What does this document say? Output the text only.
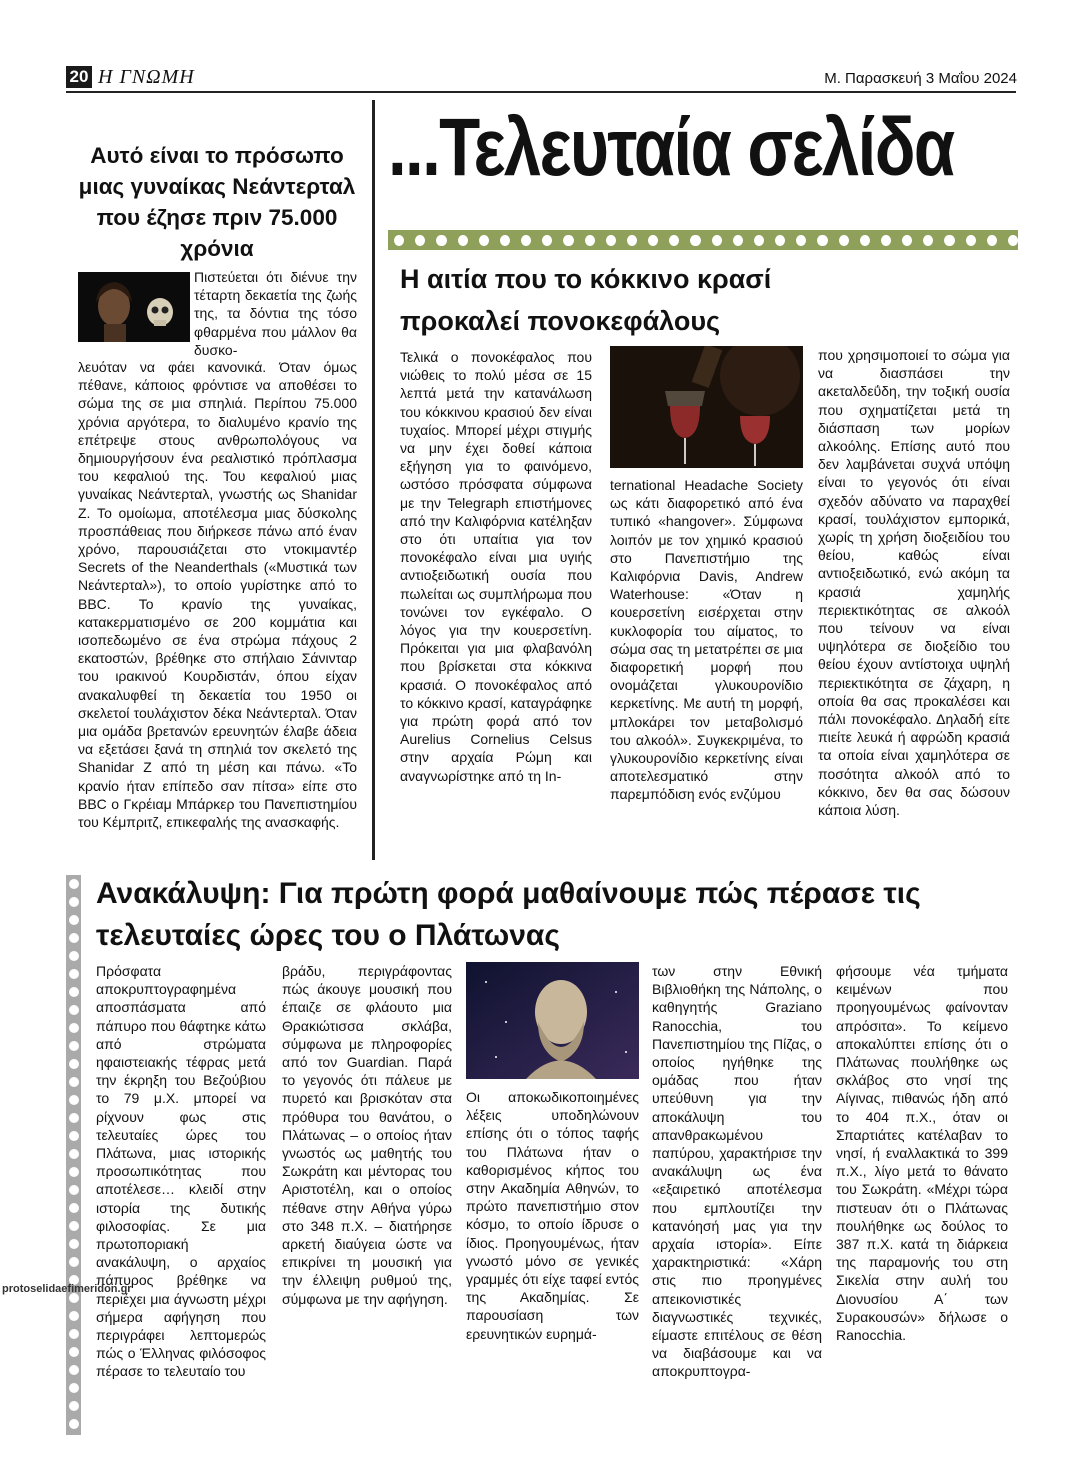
20 Η ΓΝΩΜΗ	Μ. Παρασκευή 3 Μαΐου 2024
Αυτό είναι το πρόσωπο μιας γυναίκας Νεάντερταλ που έζησε πριν 75.000 χρόνια
Πιστεύεται ότι διένυε την τέταρτη δεκαετία της ζωής της, τα δόντια της τόσο φθαρμένα που μάλλον θα δυσκο-
λευόταν να φάει κανονικά. Όταν όμως πέθανε, κάποιος φρόντισε να αποθέσει το σώμα της σε μια σπηλιά. Περίπου 75.000 χρόνια αργότερα, το διαλυμένο κρανίο της επέτρεψε στους ανθρωπολόγους να δημιουργήσουν ένα ρεαλιστικό πρόπλασμα του κεφαλιού της. Του κεφαλιού μιας γυναίκας Νεάντερταλ, γνωστής ως Shanidar Z. Το ομοίωμα, αποτέλεσμα μιας δύσκολης προσπάθειας που διήρκεσε πάνω από έναν χρόνο, παρουσιάζεται στο ντοκιμαντέρ Secrets of the Neanderthals («Μυστικά των Νεάντερταλ»), το οποίο γυρίστηκε από το BBC. Το κρανίο της γυναίκας, κατακερματισμένο σε 200 κομμάτια και ισοπεδωμένο σε ένα στρώμα πάχους 2 εκατοστών, βρέθηκε στο σπήλαιο Σάνινταρ του ιρακινού Κουρδιστάν, όπου είχαν ανακαλυφθεί τη δεκαετία του 1950 οι σκελετοί τουλάχιστον δέκα Νεάντερταλ. Όταν μια ομάδα βρετανών ερευνητών έλαβε άδεια να εξετάσει ξανά τη σπηλιά τον σκελετό της Shanidar Z από τη μέση και πάνω. «Το κρανίο ήταν επίπεδο σαν πίτσα» είπε στο BBC ο Γκρέιαμ Μπάρκερ του Πανεπιστημίου του Κέμπριτζ, επικεφαλής της ανασκαφής.
...Τελευταία σελίδα
Η αιτία που το κόκκινο κρασί προκαλεί πονοκεφάλους
Τελικά ο πονοκέφαλος που νιώθεις το πολύ μέσα σε 15 λεπτά μετά την κατανάλωση του κόκκινου κρασιού δεν είναι τυχαίος. Μπορεί μέχρι στιγμής να μην έχει δοθεί κάποια εξήγηση για το φαινόμενο, ωστόσο πρόσφατα σύμφωνα με την Telegraph επιστήμονες από την Καλιφόρνια κατέληξαν στο ότι υπαίτια για τον πονοκέφαλο είναι μια υγιής αντιοξειδωτική ουσία που πωλείται ως συμπλήρωμα που τονώνει τον εγκέφαλο. Ο λόγος για την κουερσετίνη. Πρόκειται για μια φλαβανόλη που βρίσκεται στα κόκκινα κρασιά. Ο πονοκέφαλος από το κόκκινο κρασί, καταγράφηκε για πρώτη φορά από τον Aurelius Cornelius Celsus στην αρχαία Ρώμη και αναγνωρίστηκε από τη In-
ternational Headache Society ως κάτι διαφορετικό από ένα τυπικό «hangover». Σύμφωνα λοιπόν με τον χημικό κρασιού στο Πανεπιστήμιο της Καλιφόρνια Davis, Andrew Waterhouse: «Όταν η κουερσετίνη εισέρχεται στην κυκλοφορία του αίματος, το σώμα σας τη μετατρέπει σε μια διαφορετική μορφή που ονομάζεται γλυκουρονίδιο κερκετίνης. Με αυτή τη μορφή, μπλοκάρει τον μεταβολισμό του αλκοόλ». Συγκεκριμένα, το γλυκουρονίδιο κερκετίνης είναι αποτελεσματικό στην παρεμπόδιση ενός ενζύμου
που χρησιμοποιεί το σώμα για να διασπάσει την ακεταλδεΰδη, την τοξική ουσία που σχηματίζεται μετά τη διάσπαση των μορίων αλκοόλης. Επίσης αυτό που δεν λαμβάνεται συχνά υπόψη είναι το γεγονός ότι είναι σχεδόν αδύνατο να παραχθεί κρασί, τουλάχιστον εμπορικά, χωρίς τη χρήση διοξειδίου του θείου, καθώς είναι αντιοξειδωτικό, ενώ ακόμη τα κρασιά χαμηλής περιεκτικότητας σε αλκοόλ που τείνουν να είναι υψηλότερα σε διοξείδιο του θείου έχουν αντίστοιχα υψηλή περιεκτικότητα σε ζάχαρη, η οποία θα σας προκαλέσει και πάλι πονοκέφαλο. Δηλαδή είτε πιείτε λευκά ή αφρώδη κρασιά τα οποία είναι χαμηλότερα σε ποσότητα αλκοόλ από το κόκκινο, δεν θα σας δώσουν κάποια λύση.
Ανακάλυψη: Για πρώτη φορά μαθαίνουμε πώς πέρασε τις τελευταίες ώρες του ο Πλάτωνας
Πρόσφατα αποκρυπτογραφημένα αποσπάσματα από πάπυρο που θάφτηκε κάτω από στρώματα ηφαιστειακής τέφρας μετά την έκρηξη του Βεζούβιου το 79 μ.Χ. μπορεί να ρίχνουν φως στις τελευταίες ώρες του Πλάτωνα, μιας ιστορικής προσωπικότητας που αποτέλεσε… κλειδί στην ιστορία της δυτικής φιλοσοφίας. Σε μια πρωτοποριακή ανακάλυψη, ο αρχαίος πάπυρος βρέθηκε να περιέχει μια άγνωστη μέχρι σήμερα αφήγηση που περιγράφει λεπτομερώς πώς ο Έλληνας φιλόσοφος πέρασε το τελευταίο του
βράδυ, περιγράφοντας πώς άκουγε μουσική που έπαιζε σε φλάουτο μια Θρακιώτισσα σκλάβα, σύμφωνα με πληροφορίες από τον Guardian. Παρά το γεγονός ότι πάλευε με πυρετό και βρισκόταν στα πρόθυρα του θανάτου, ο Πλάτωνας – ο οποίος ήταν γνωστός ως μαθητής του Σωκράτη και μέντορας του Αριστοτέλη, και ο οποίος πέθανε στην Αθήνα γύρω στο 348 π.Χ. – διατήρησε αρκετή διαύγεια ώστε να επικρίνει τη μουσική για την έλλειψη ρυθμού της, σύμφωνα με την αφήγηση.
Οι αποκωδικοποιημένες λέξεις υποδηλώνουν επίσης ότι ο τόπος ταφής του Πλάτωνα ήταν ο καθορισμένος κήπος του στην Ακαδημία Αθηνών, το πρώτο πανεπιστήμιο στον κόσμο, το οποίο ίδρυσε ο ίδιος. Προηγουμένως, ήταν γνωστό μόνο σε γενικές γραμμές ότι είχε ταφεί εντός της Ακαδημίας. Σε παρουσίαση των ερευνητικών ευρημά-
των στην Εθνική Βιβλιοθήκη της Νάπολης, ο καθηγητής Graziano Ranocchia, του Πανεπιστημίου της Πίζας, ο οποίος ηγήθηκε της ομάδας που ήταν υπεύθυνη για την αποκάλυψη του απανθρακωμένου παπύρου, χαρακτήρισε την ανακάλυψη ως ένα «εξαιρετικό αποτέλεσμα που εμπλουτίζει την κατανόησή μας για την αρχαία ιστορία». Είπε χαρακτηριστικά: «Χάρη στις πιο προηγμένες απεικονιστικές διαγνωστικές τεχνικές, είμαστε επιτέλους σε θέση να διαβάσουμε και να αποκρυπτογρα-
φήσουμε νέα τμήματα κειμένων που προηγουμένως φαίνονταν απρόσιτα». Το κείμενο αποκαλύπτει επίσης ότι ο Πλάτωνας πουλήθηκε ως σκλάβος στο νησί της Αίγινας, πιθανώς ήδη από το 404 π.Χ., όταν οι Σπαρτιάτες κατέλαβαν το νησί, ή εναλλακτικά το 399 π.Χ., λίγο μετά το θάνατο του Σωκράτη. «Μέχρι τώρα πιστευαν ότι ο Πλάτωνας πουλήθηκε ως δούλος το 387 π.Χ. κατά τη διάρκεια της παραμονής του στη Σικελία στην αυλή του Διονυσίου Α΄ των Συρακουσών» δήλωσε ο Ranocchia.
protoselidaefimeridon.gr
